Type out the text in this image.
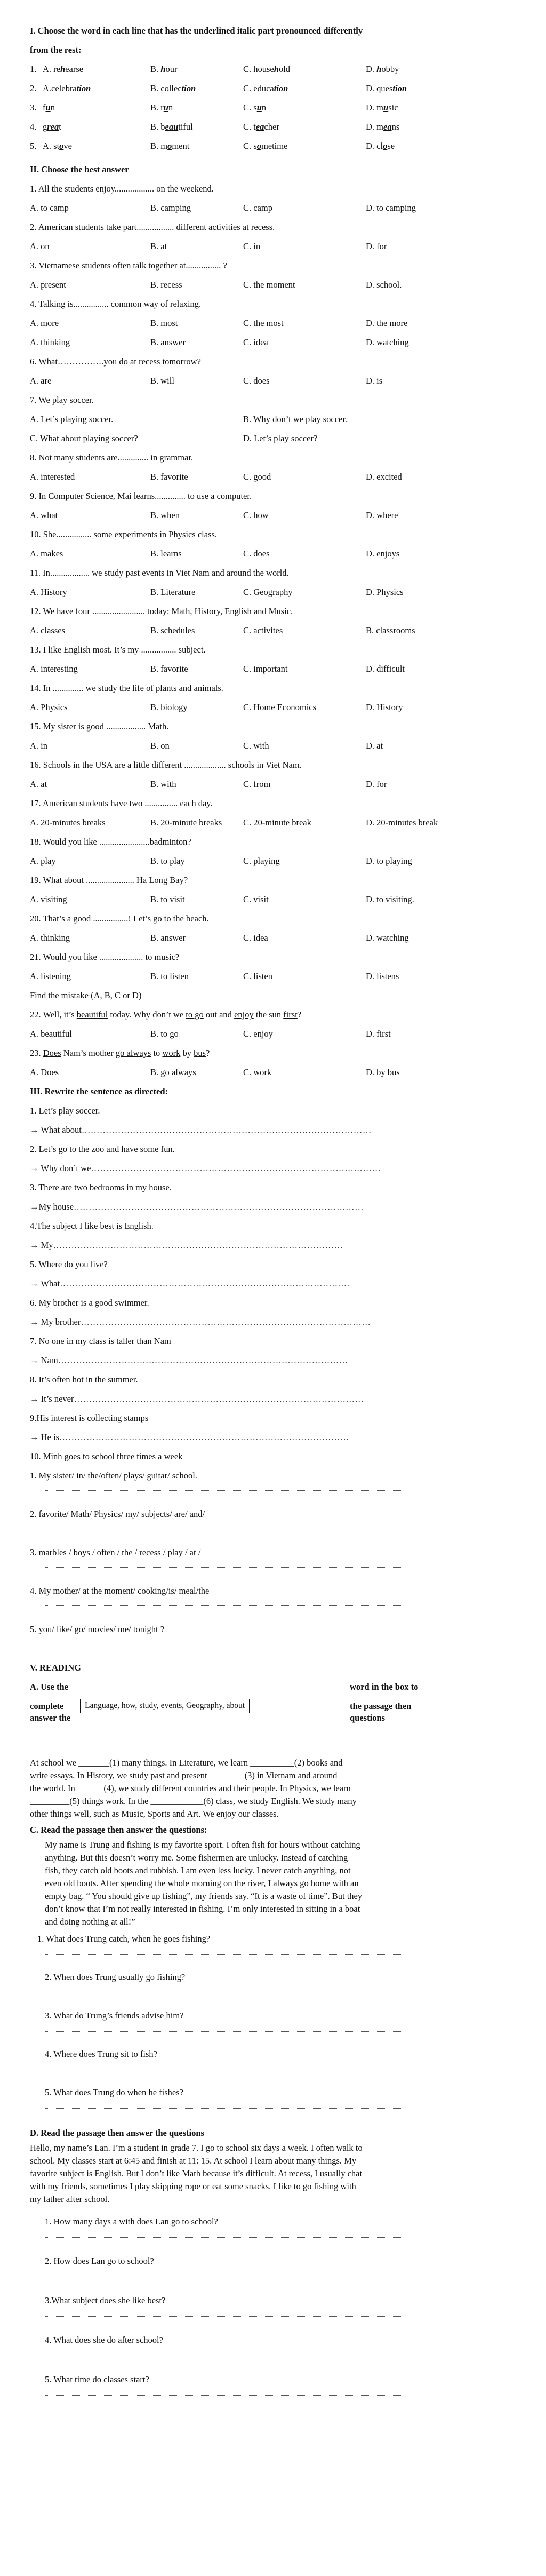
I. Choose the word in each line that has the underlined italic part pronounced differently
from the rest:
II. Choose the best answer
1. A. rehearse	B. hour	C. household	D. hobby
2. A.celebration	B. collection	C. education	D. question
3. fun	B. run	C. sun	D. music
4. great	B. beautiful	C. teacher	D. means
5. A. stove	B. moment	C. sometime	D. close
1. All the students enjoy.................. on the weekend.
A. to camp	B. camping	C. camp	D. to camping
2. American students take part................. different activities at recess.
A. on	B. at	C. in	D. for
3. Vietnamese students often talk together at................ ?
A. present	B. recess	C. the moment	D. school.
4. Talking is................ common way of relaxing.
A. more	B. most	C. the most	D. the more
A. thinking	B. answer	C. idea	D. watching
6. What…………….you do at recess tomorrow?
A. are	B. will	C. does	D. is
7. We play soccer.
A. Let’s playing soccer.	B. Why don’t we play soccer.
C. What about playing soccer?	D. Let’s play soccer?
8. Not many students are.............. in grammar.
A. interested	B. favorite	C. good	D. excited
9. In Computer Science, Mai learns.............. to use a computer.
A. what	B. when	C. how	D. where
10. She................ some experiments in Physics class.
A. makes	B. learns	C. does	D. enjoys
11. In.................. we study past events in Viet Nam and around the world.
A. History	B. Literature	C. Geography	D. Physics
12. We have four ........................ today: Math, History, English and Music.
A. classes	B. schedules	C. activites	B. classrooms
13. I like English most. It’s my ................ subject.
A. interesting	B. favorite	C. important	D. difficult
14. In .............. we study the life of plants and animals.
A. Physics	B. biology	C. Home Economics	D. History
15. My sister is good .................. Math.
A. in	B. on	C. with	D. at
16. Schools in the USA are a little different ................... schools in Viet Nam.
A. at	B. with	C. from	D. for
17. American students have two ............... each day.
A. 20-minutes breaks	B. 20-minute breaks C. 20-minute break	D. 20-minutes break
18. Would you like .......................badminton?
A. play	B. to play	C. playing	D. to playing
19. What about ...................... Ha Long Bay?
A. visiting	B. to visit	C. visit	D. to visiting.
20. That’s a good ................! Let’s go to the beach.
A. thinking	B. answer	C. idea	D. watching
21. Would you like .................... to music?
A. listening	B. to listen	C. listen	D. listens
Find the mistake (A, B, C or D)
22. Well, it’s beautiful today. Why don’t we to go out and enjoy the sun first?
A. beautiful	B. to go	C. enjoy	D. first
23. Does Nam’s mother go always to work by bus?
A. Does	B. go always	C. work	D. by bus
III. Rewrite the sentence as directed:
1. Let’s play soccer.
→ What about……………………………………………………………………………………
2. Let’s go to the zoo and have some fun.
→ Why don’t we……………………………………………………………………………………
3. There are two bedrooms in my house.
→My house……………………………………………………………………………………
4.The subject I like best is English.
→ My……………………………………………………………………………………
5. Where do you live?
→ What……………………………………………………………………………………
6. My brother is a good swimmer.
→ My brother……………………………………………………………………………………
7. No one in my class is taller than Nam
→ Nam……………………………………………………………………………………
8. It’s often hot in the summer.
→ It’s never……………………………………………………………………………………
9.His interest is collecting stamps
→ He is……………………………………………………………………………………
10. Minh goes to school three times a week
1. My sister/ in/ the/often/ plays/ guitar/ school.
2. favorite/ Math/ Physics/ my/ subjects/ are/ and/
3. marbles / boys / often / the / recess / play / at /
4. My mother/ at the moment/ cooking/is/ meal/the
5. you/ like/ go/ movies/ me/ tonight ?
V. READING
A. Use the	word in the box to
complete	Language, how, study, events, Geography, about	the passage then
answer the	questions
At school we _______(1) many things. In Literature, we learn __________(2) books and
write essays. In History, we study past and present ________(3) in Vietnam and around
the world. In ______(4), we study different countries and their people. In Physics, we learn
_________(5) things work. In the ____________(6) class, we study English. We study many
other things well, such as Music, Sports and Art. We enjoy our classes.
C. Read the passage then answer the questions:
My name is Trung and fishing is my favorite sport. I often fish for hours without catching
anything. But this doesn’t worry me. Some fishermen are unlucky. Instead of catching
fish, they catch old boots and rubbish. I am even less lucky. I never catch anything, not
even old boots. After spending the whole morning on the river, I always go home with an
empty bag. “ You should give up fishing”, my friends say. “It is a waste of time”. But they
don’t know that I’m not really interested in fishing. I’m only interested in sitting in a boat
and doing nothing at all!”
1. What does Trung catch, when he goes fishing?
2. When does Trung usually go fishing?
3. What do Trung’s friends advise him?
4. Where does Trung sit to fish?
5. What does Trung do when he fishes?
D. Read the passage then answer the questions
Hello, my name’s Lan. I’m a student in grade 7. I go to school six days a week. I often walk to
school. My classes start at 6:45 and finish at 11: 15. At school I learn about many things. My
favorite subject is English. But I don’t like Math because it’s difficult. At recess, I usually chat
with my friends, sometimes I play skipping rope or eat some snacks. I like to go fishing with
my father after school.
1. How many days a with does Lan go to school?
2. How does Lan go to school?
3.What subject does she like best?
4. What does she do after school?
5. What time do classes start?
